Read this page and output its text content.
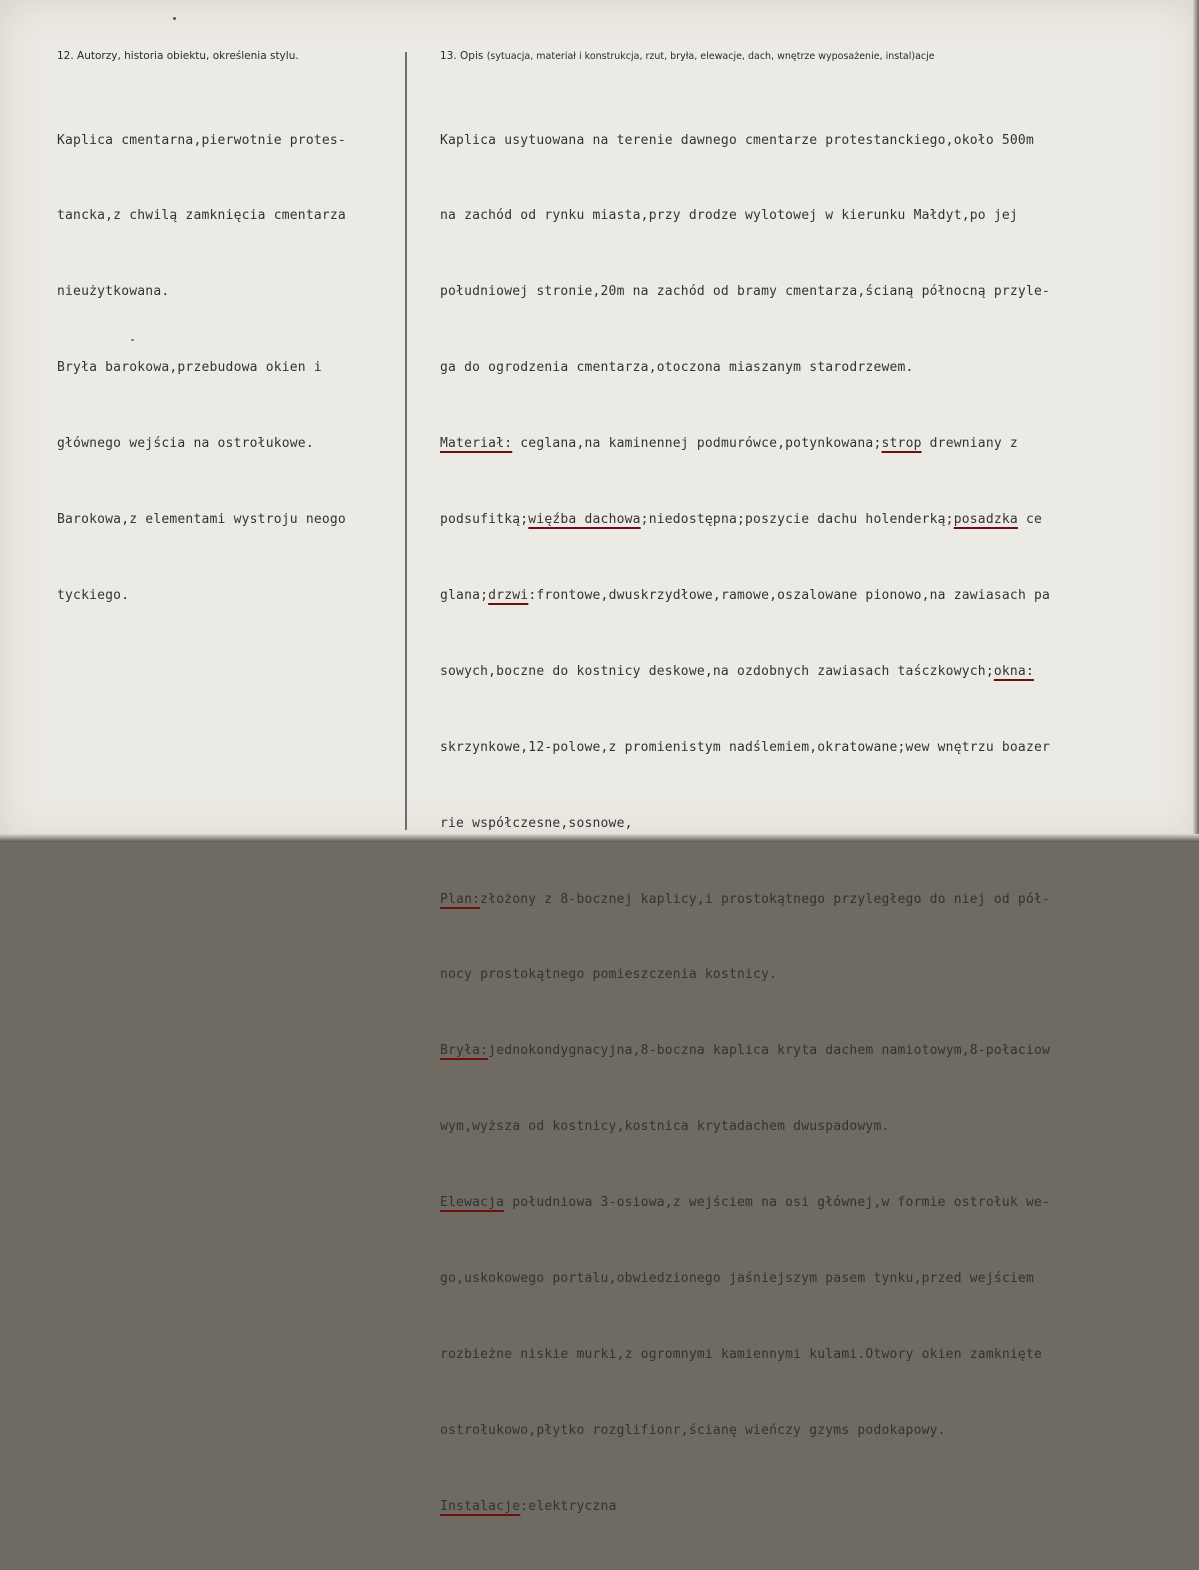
12. Autorzy, historia obiektu, określenia stylu.	13. Opis (sytuacja, materiał i konstrukcja, rzut, bryła, elewacje, dach, wnętrze wyposażenie, instal)acje

Kaplica cmentarna,pierwotnie protes-

tancka,z chwilą zamknięcia cmentarza

nieużytkowana.

Bryła barokowa,przebudowa okien i

głównego wejścia na ostrołukowe.

Barokowa,z elementami wystroju neogo

tyckiego.

Kaplica usytuowana na terenie dawnego cmentarze protestanckiego,około 500m

na zachód od rynku miasta,przy drodze wylotowej w kierunku Małdyt,po jej

południowej stronie,20m na zachód od bramy cmentarza,ścianą północną przyle-

ga do ogrodzenia cmentarza,otoczona miaszanym starodrzewem.

Materiał: ceglana,na kaminennej podmurówce,potynkowana;strop drewniany z

podsufitką;więźba dachowa;niedostępna;poszycie dachu holenderką;posadzka ce

glana;drzwi:frontowe,dwuskrzydłowe,ramowe,oszalowane pionowo,na zawiasach pa

sowych,boczne do kostnicy deskowe,na ozdobnych zawiasach taśczkowych;okna:

skrzynkowe,12-polowe,z promienistym nadślemiem,okratowane;wew wnętrzu boazer

rie współczesne,sosnowe,

Plan:złożony z 8-bocznej kaplicy,i prostokątnego przyległego do niej od pół-

nocy prostokątnego pomieszczenia kostnicy.

Bryła:jednokondygnacyjna,8-boczna kaplica kryta dachem namiotowym,8-połaciow

wym,wyższa od kostnicy,kostnica krytadachem dwuspadowym.

Elewacja południowa 3-osiowa,z wejściem na osi głównej,w formie ostrołuk we-

go,uskokowego portalu,obwiedzionego jaśniejszym pasem tynku,przed wejściem

rozbieżne niskie murki,z ogromnymi kamiennymi kulami.Otwory okien zamknięte

ostrołukowo,płytko rozglifionr,ścianę wieńczy gzyms podokapowy.

Instalacje:elektryczna
